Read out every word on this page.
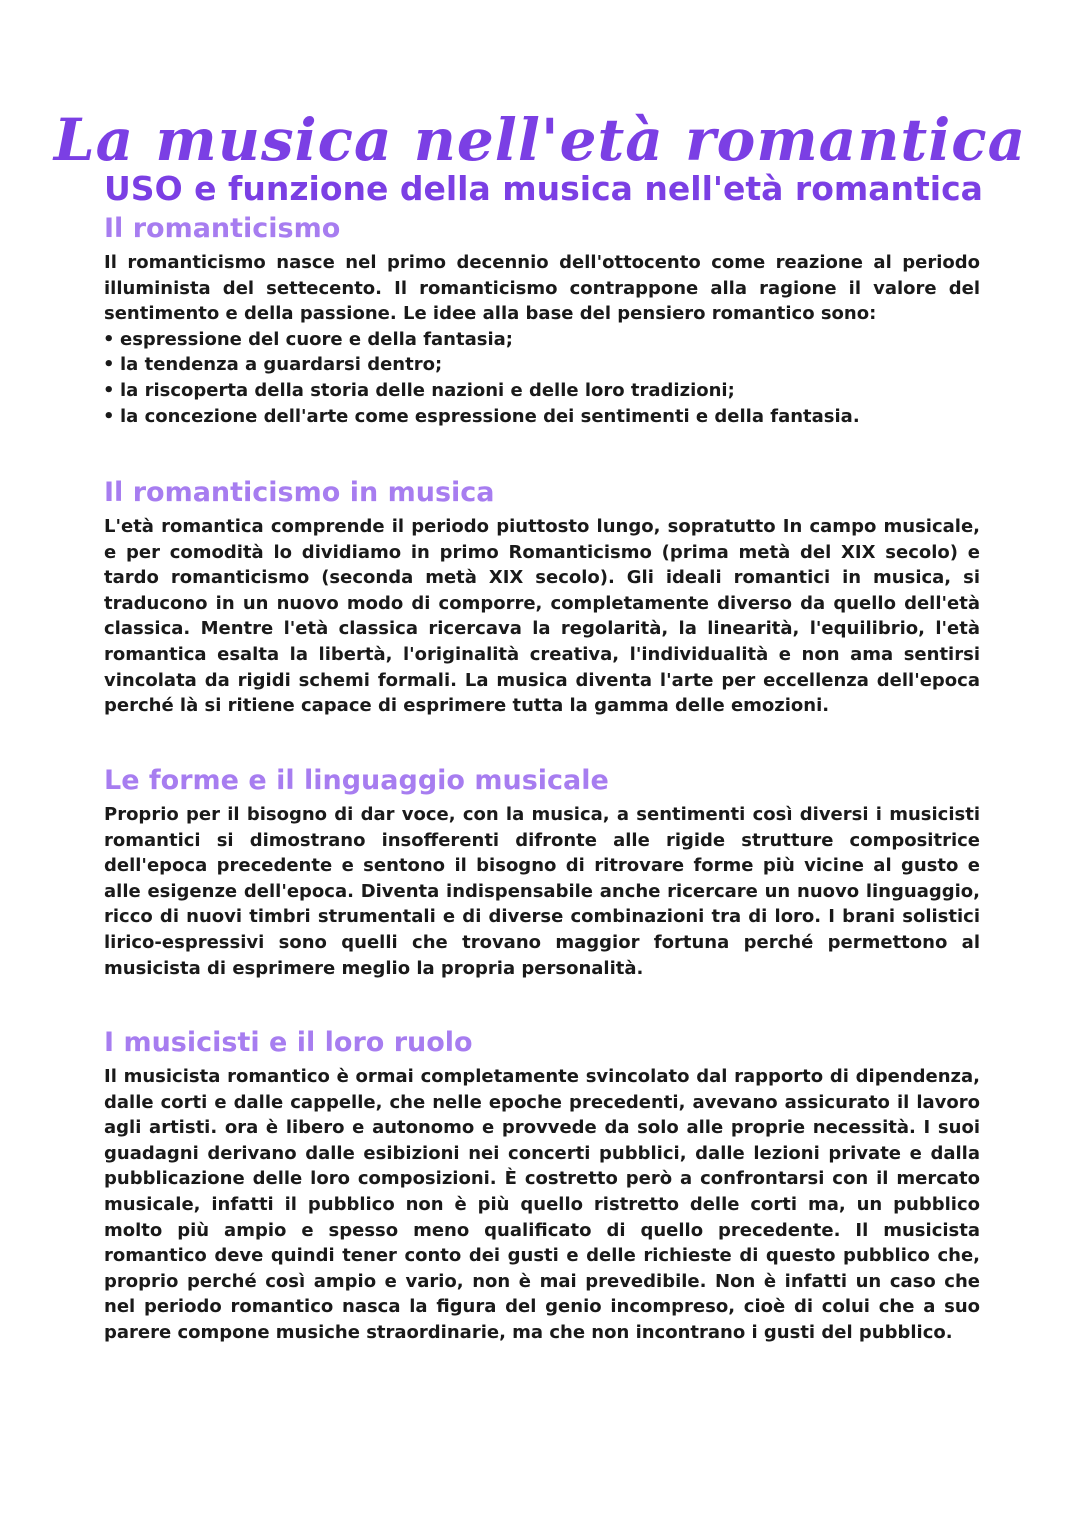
La musica nell'età romantica
USO e funzione della musica nell'età romantica
Il romanticismo

Il romanticismo nasce nel primo decennio dell'ottocento come reazione al periodo illuminista del settecento. Il romanticismo contrappone alla ragione il valore del sentimento e della passione. Le idee alla base del pensiero romantico sono:

• espressione del cuore e della fantasia;
• la tendenza a guardarsi dentro;
• la riscoperta della storia delle nazioni e delle loro tradizioni;
• la concezione dell'arte come espressione dei sentimenti e della fantasia.
Il romanticismo in musica

L'età romantica comprende il periodo piuttosto lungo, sopratutto In campo musicale, e per comodità lo dividiamo in primo Romanticismo (prima metà del XIX secolo) e tardo romanticismo (seconda metà XIX secolo). Gli ideali romantici in musica, si traducono in un nuovo modo di comporre, completamente diverso da quello dell'età classica. Mentre l'età classica ricercava la regolarità, la linearità, l'equilibrio, l'età romantica esalta la libertà, l'originalità creativa, l'individualità e non ama sentirsi vincolata da rigidi schemi formali. La musica diventa l'arte per eccellenza dell'epoca perché là si ritiene capace di esprimere tutta la gamma delle emozioni.

Le forme e il linguaggio musicale

Proprio per il bisogno di dar voce, con la musica, a sentimenti così diversi i musicisti romantici si dimostrano insofferenti difronte alle rigide strutture compositrice dell'epoca precedente e sentono il bisogno di ritrovare forme più vicine al gusto e alle esigenze dell'epoca. Diventa indispensabile anche ricercare un nuovo linguaggio, ricco di nuovi timbri strumentali e di diverse combinazioni tra di loro. I brani solistici lirico-espressivi sono quelli che trovano maggior fortuna perché permettono al musicista di esprimere meglio la propria personalità.

I musicisti e il loro ruolo

Il musicista romantico è ormai completamente svincolato dal rapporto di dipendenza, dalle corti e dalle cappelle, che nelle epoche precedenti, avevano assicurato il lavoro agli artisti. ora è libero e autonomo e provvede da solo alle proprie necessità. I suoi guadagni derivano dalle esibizioni nei concerti pubblici, dalle lezioni private e dalla pubblicazione delle loro composizioni. È costretto però a confrontarsi con il mercato musicale, infatti il pubblico non è più quello ristretto delle corti ma, un pubblico molto più ampio e spesso meno qualificato di quello precedente. Il musicista romantico deve quindi tener conto dei gusti e delle richieste di questo pubblico che, proprio perché così ampio e vario, non è mai prevedibile. Non è infatti un caso che nel periodo romantico nasca la figura del genio incompreso, cioè di colui che a suo parere compone musiche straordinarie, ma che non incontrano i gusti del pubblico.
